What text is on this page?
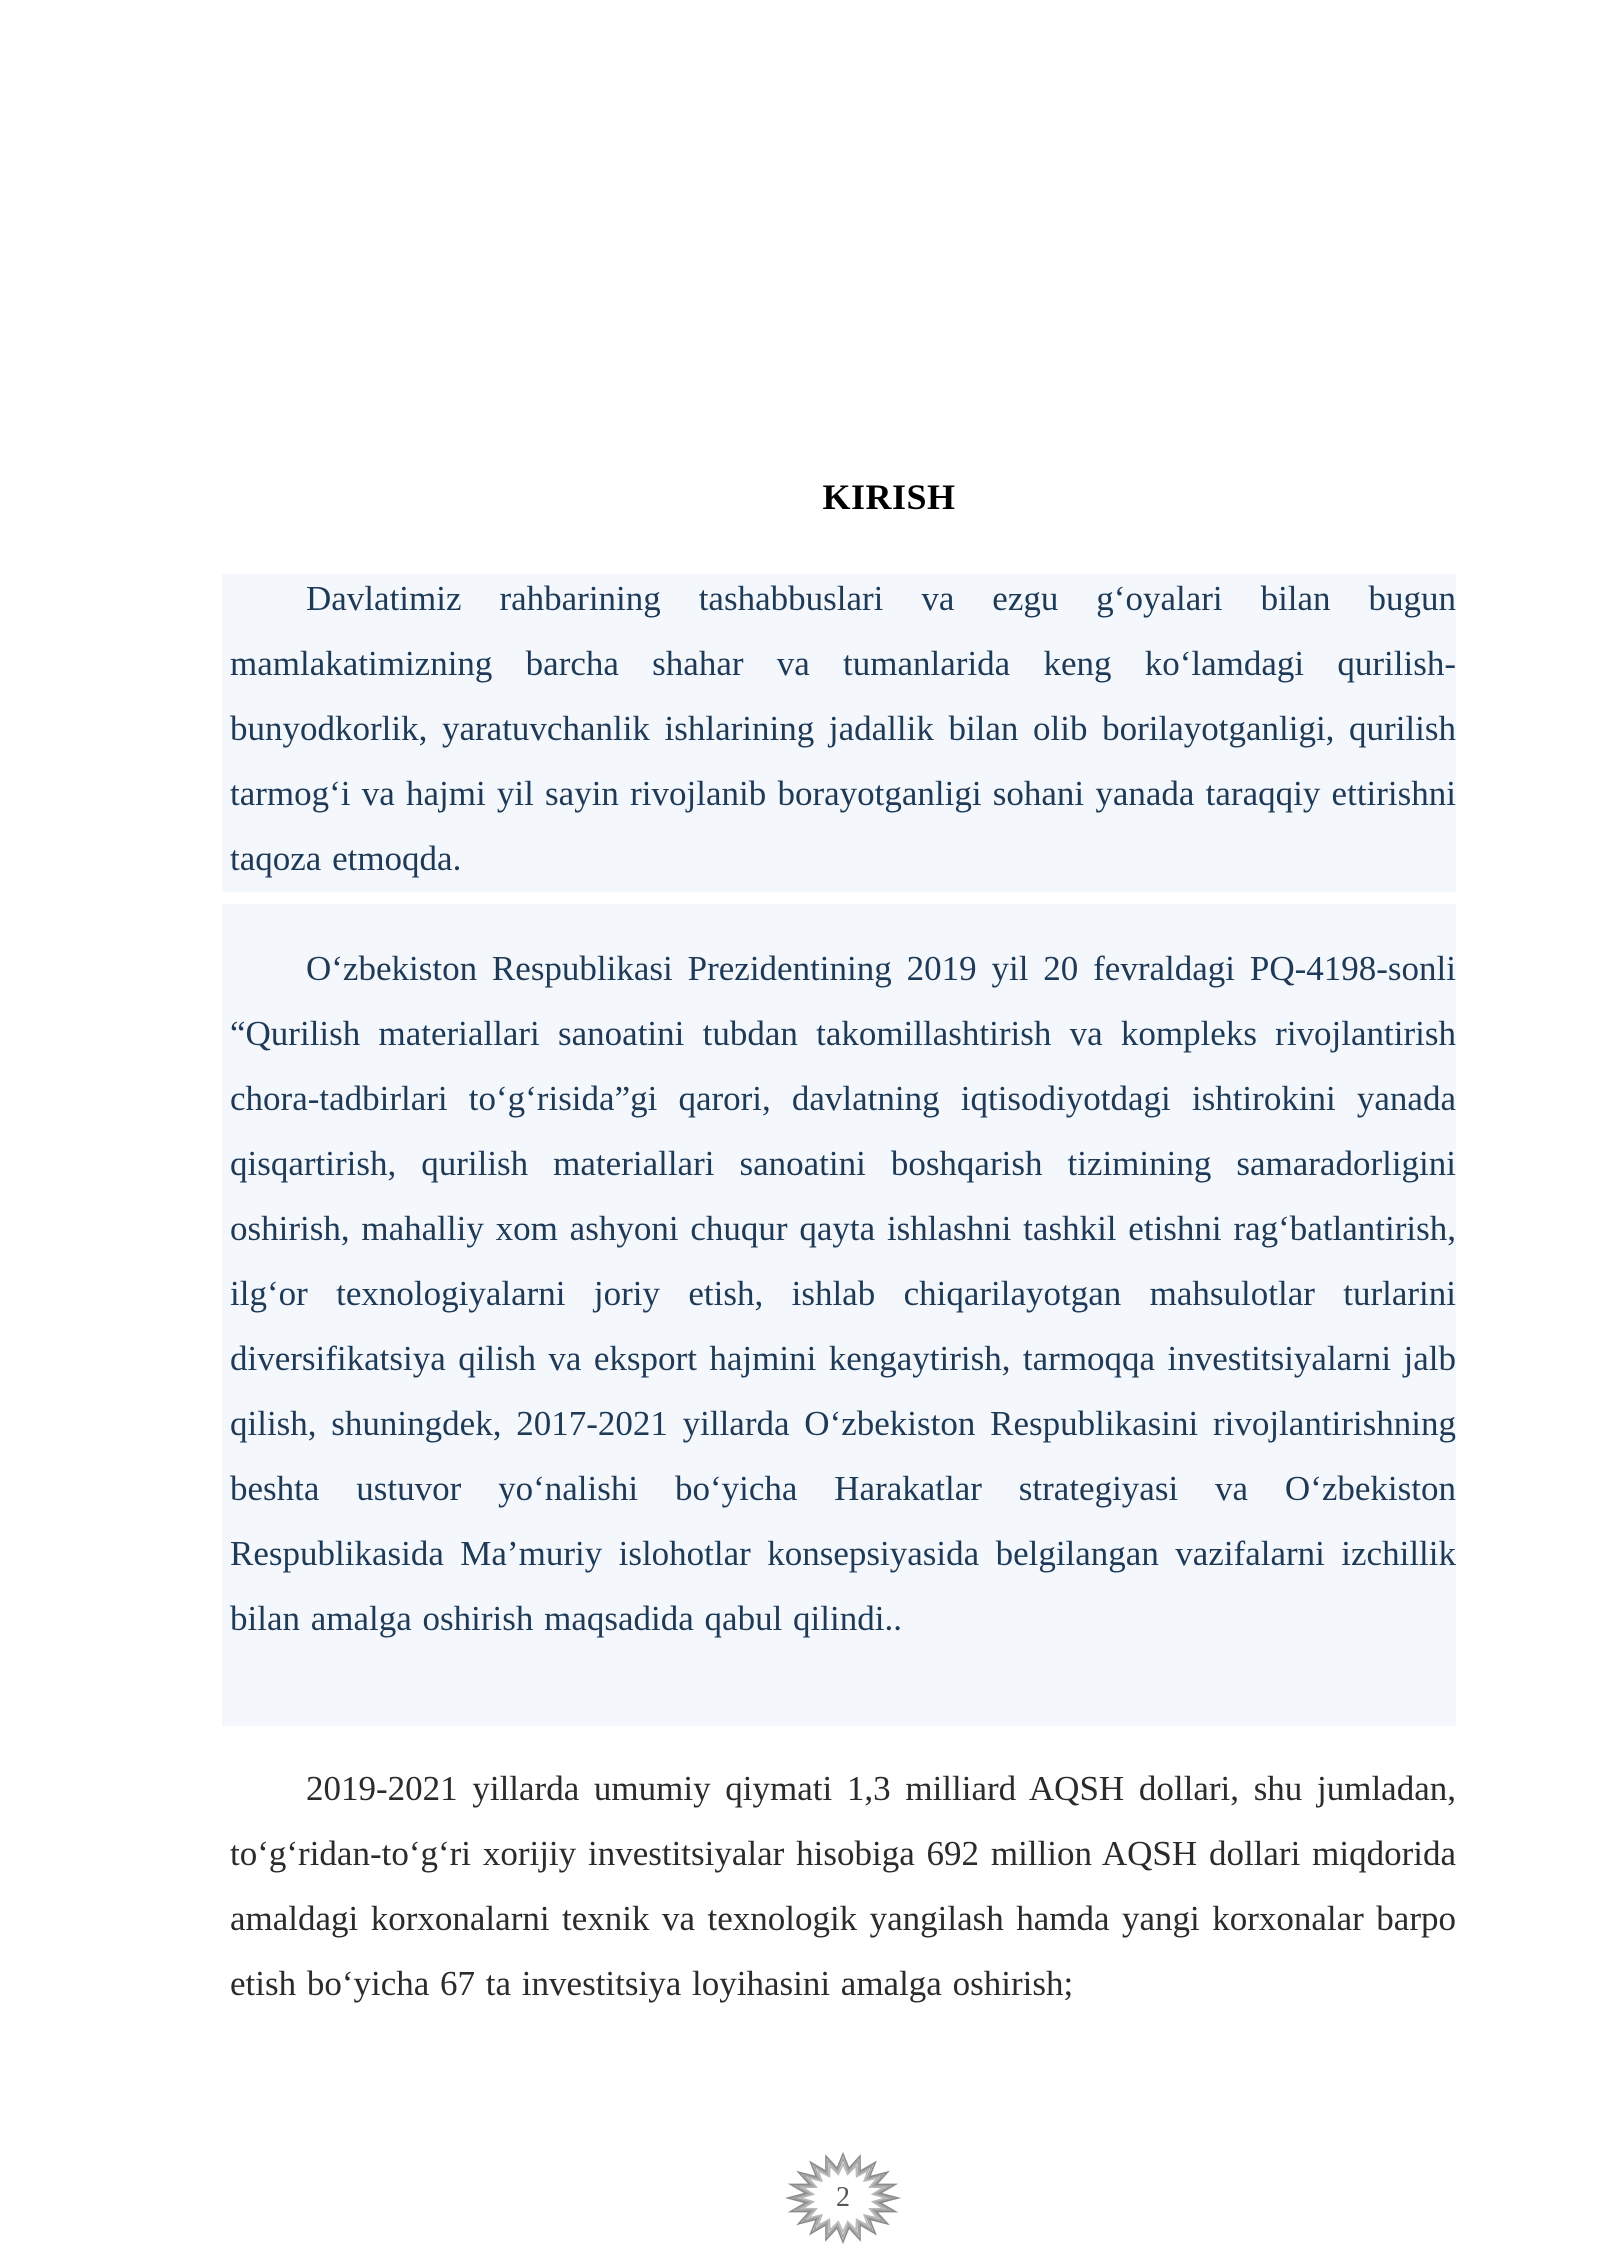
KIRISH

Davlatimiz rahbarining tashabbuslari va ezgu g‘oyalari bilan bugun mamlakatimizning barcha shahar va tumanlarida keng ko‘lamdagi qurilish-bunyodkorlik, yaratuvchanlik ishlarining jadallik bilan olib borilayotganligi, qurilish tarmog‘i va hajmi yil sayin rivojlanib borayotganligi sohani yanada taraqqiy ettirishni taqoza etmoqda.

O‘zbekiston Respublikasi Prezidentining 2019 yil 20 fevraldagi PQ-4198-sonli “Qurilish materiallari sanoatini tubdan takomillashtirish va kompleks rivojlantirish chora-tadbirlari to‘g‘risida”gi qarori, davlatning iqtisodiyotdagi ishtirokini yanada qisqartirish, qurilish materiallari sanoatini boshqarish tizimining samaradorligini oshirish, mahalliy xom ashyoni chuqur qayta ishlashni tashkil etishni rag‘batlantirish, ilg‘or texnologiyalarni joriy etish, ishlab chiqarilayotgan mahsulotlar turlarini diversifikatsiya qilish va eksport hajmini kengaytirish, tarmoqqa investitsiyalarni jalb qilish, shuningdek, 2017-2021 yillarda O‘zbekiston Respublikasini rivojlantirishning beshta ustuvor yo‘nalishi bo‘yicha Harakatlar strategiyasi va O‘zbekiston Respublikasida Ma’muriy islohotlar konsepsiyasida belgilangan vazifalarni izchillik bilan amalga oshirish maqsadida qabul qilindi..

2019-2021 yillarda umumiy qiymati 1,3 milliard AQSH dollari, shu jumladan, to‘g‘ridan-to‘g‘ri xorijiy investitsiyalar hisobiga 692 million AQSH dollari miqdorida amaldagi korxonalarni texnik va texnologik yangilash hamda yangi korxonalar barpo etish bo‘yicha 67 ta investitsiya loyihasini amalga oshirish;

2
